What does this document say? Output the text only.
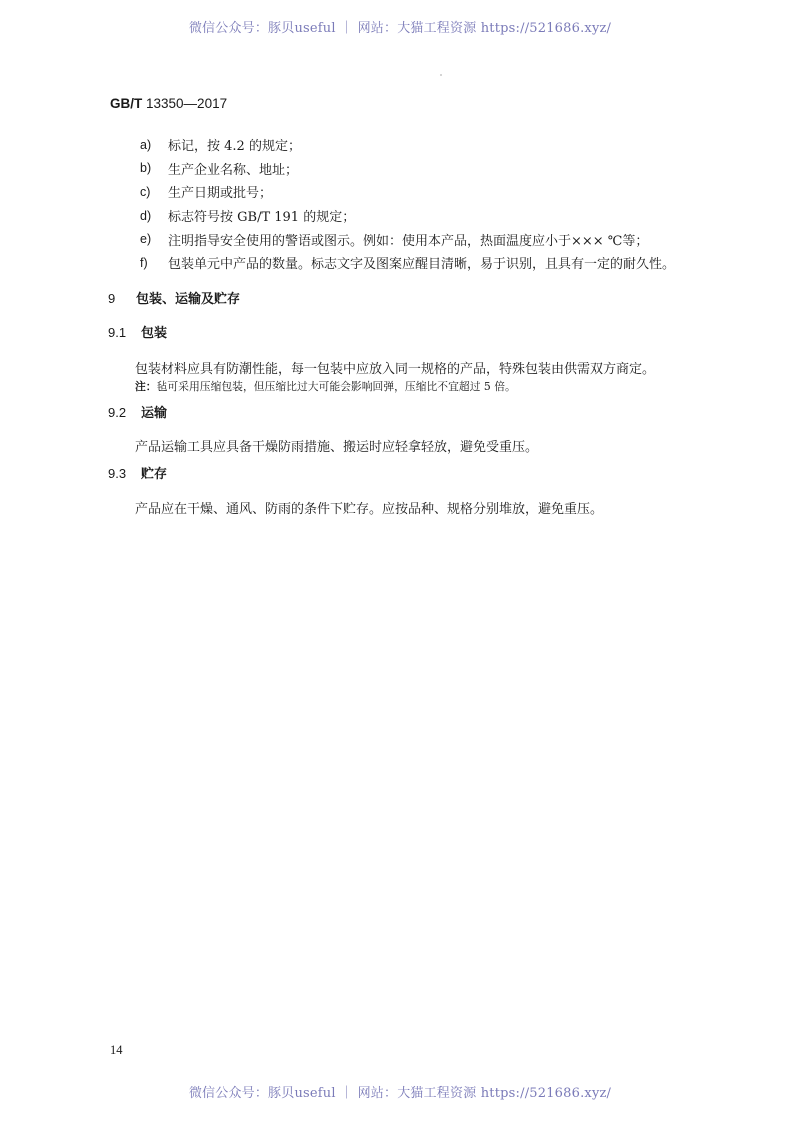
微信公众号：豚贝useful ｜ 网站：大猫工程资源 https://521686.xyz/
GB/T 13350—2017
a)	标记，按 4.2 的规定；
b)	生产企业名称、地址；
c)	生产日期或批号；
d)	标志符号按 GB/T 191 的规定；
e)	注明指导安全使用的警语或图示。例如：使用本产品，热面温度应小于××× ℃等；
f)	包装单元中产品的数量。标志文字及图案应醒目清晰，易于识别，且具有一定的耐久性。
9 包装、运输及贮存
9.1 包装
包装材料应具有防潮性能，每一包装中应放入同一规格的产品，特殊包装由供需双方商定。
注：毡可采用压缩包装，但压缩比过大可能会影响回弹，压缩比不宜超过 5 倍。
9.2 运输
产品运输工具应具备干燥防雨措施、搬运时应轻拿轻放，避免受重压。
9.3 贮存
产品应在干燥、通风、防雨的条件下贮存。应按品种、规格分别堆放，避免重压。
14
微信公众号：豚贝useful ｜ 网站：大猫工程资源 https://521686.xyz/
